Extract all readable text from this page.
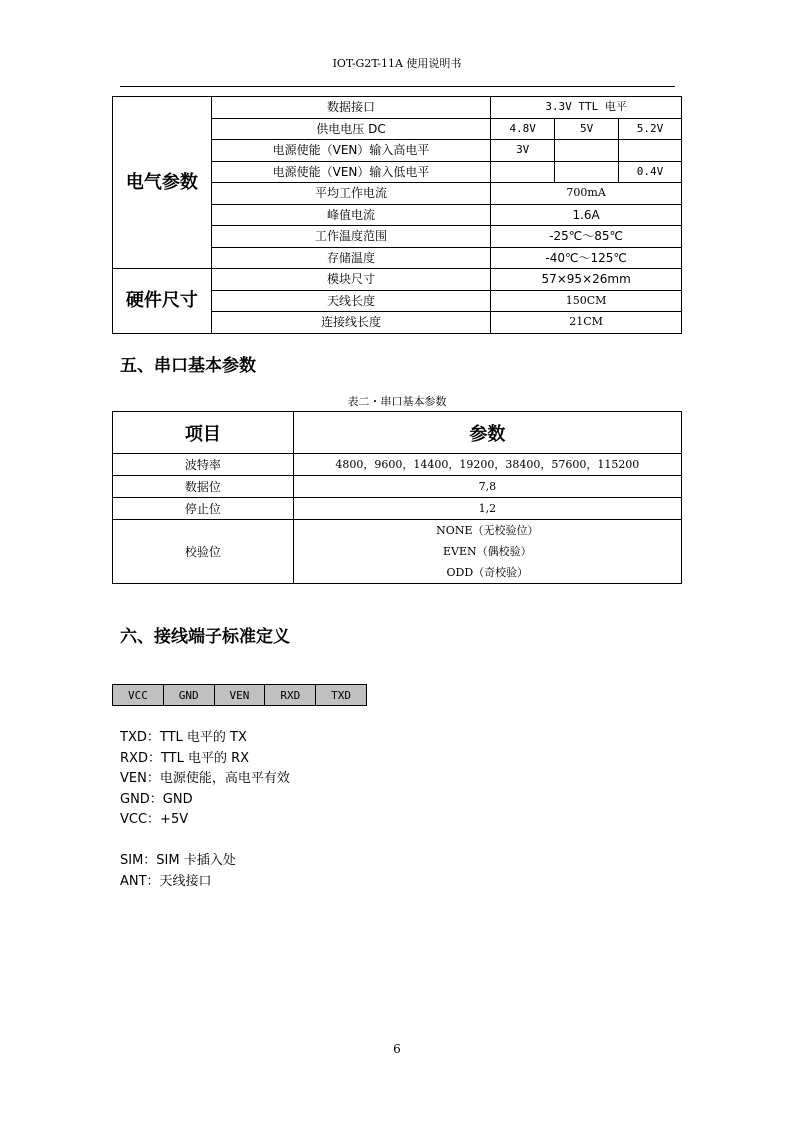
IOT-G2T-11A 使用说明书
电气参数	数据接口	3.3V TTL 电平		
	供电电压 DC	4.8V	5V	5.2V
	电源使能（VEN）输入高电平	3V		
	电源使能（VEN）输入低电平			0.4V
	平均工作电流	700mA		
	峰值电流	1.6A		
	工作温度范围	-25℃～85℃		
	存储温度	-40℃～125℃		
硬件尺寸	模块尺寸	57×95×26mm		
	天线长度	150CM		
	连接线长度	21CM		
五、串口基本参数
表二・串口基本参数
项目	参数
波特率	4800，9600，14400，19200，38400，57600，115200
数据位	7,8
停止位	1,2
校验位	NONE（无校验位）
EVEN（偶校验）
ODD（奇校验）
六、接线端子标准定义
VCC	GND	VEN	RXD	TXD
TXD：TTL 电平的 TX
RXD：TTL 电平的 RX
VEN：电源使能，高电平有效
GND：GND
VCC：+5V
SIM：SIM 卡插入处
ANT：天线接口
6
